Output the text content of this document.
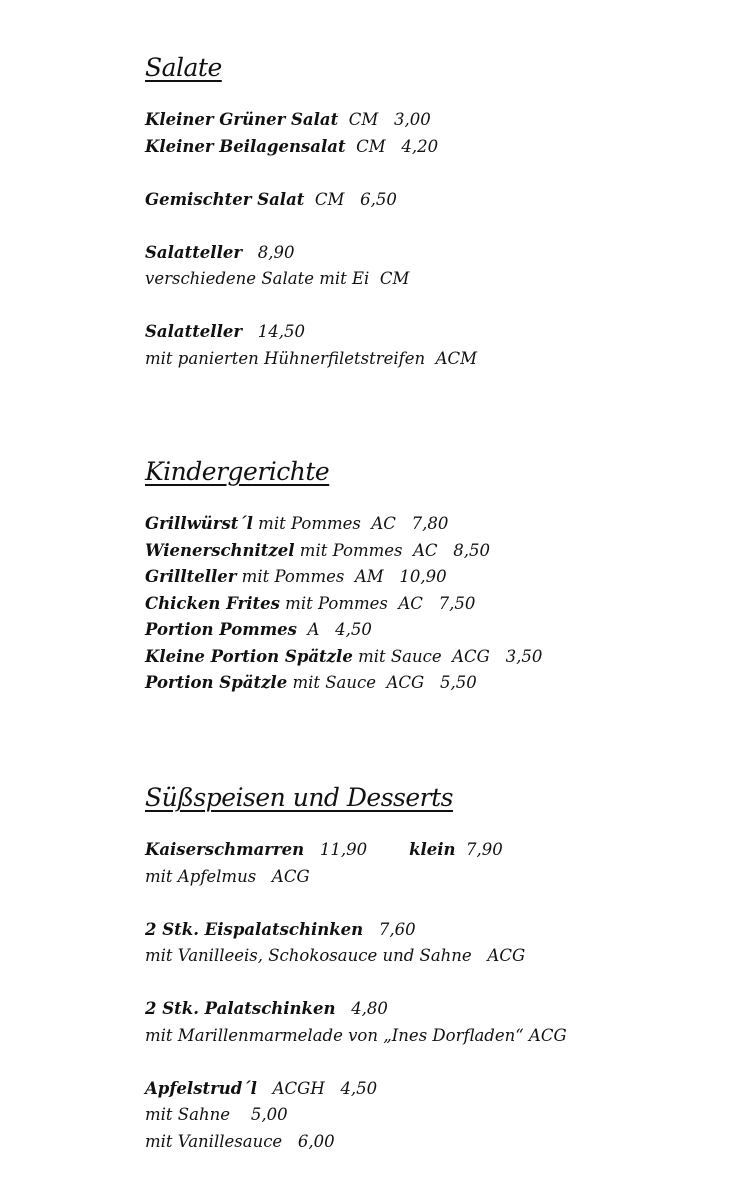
Salate
Kleiner Grüner Salat  CM   3,00
Kleiner Beilagensalat  CM   4,20
Gemischter Salat  CM   6,50
Salatteller   8,90
verschiedene Salate mit Ei  CM
Salatteller   14,50
mit panierten Hühnerfiletstreifen  ACM
Kindergerichte
Grillwürst´l mit Pommes  AC   7,80
Wienerschnitzel mit Pommes  AC   8,50
Grillteller mit Pommes  AM   10,90
Chicken Frites mit Pommes  AC   7,50
Portion Pommes  A   4,50
Kleine Portion Spätzle mit Sauce  ACG   3,50
Portion Spätzle mit Sauce  ACG   5,50
Süßspeisen und Desserts
Kaiserschmarren   11,90        klein  7,90
mit Apfelmus   ACG
2 Stk. Eispalatschinken   7,60
mit Vanilleeis, Schokosauce und Sahne   ACG
2 Stk. Palatschinken   4,80
mit Marillenmarmelade von „Ines Dorfladen“ ACG
Apfelstrud´l   ACGH   4,50
mit Sahne    5,00
mit Vanillesauce   6,00
